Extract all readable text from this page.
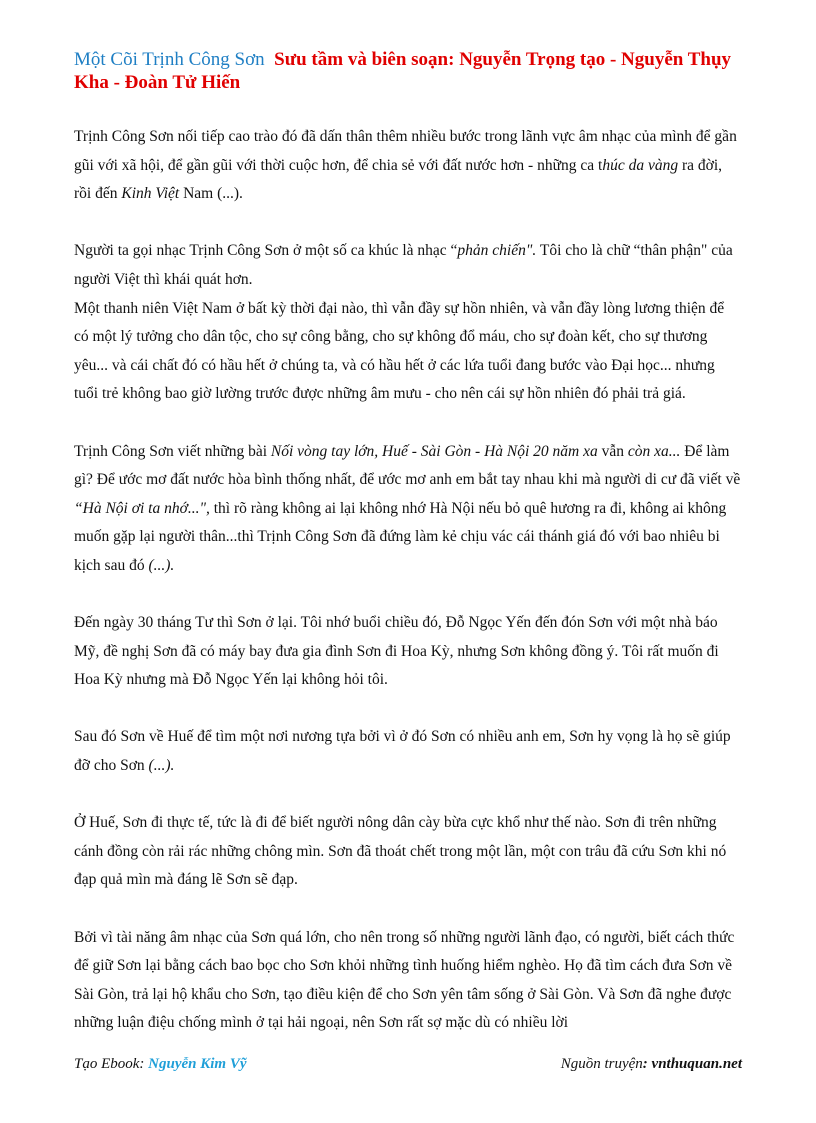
Một Cõi Trịnh Công Sơn Sưu tầm và biên soạn: Nguyễn Trọng tạo - Nguyễn Thụy Kha - Đoàn Tử Hiến

Trịnh Công Sơn nối tiếp cao trào đó đã dấn thân thêm nhiều bước trong lãnh vực âm nhạc của mình để gần gũi với xã hội, để gần gũi với thời cuộc hơn, để chia sẻ với đất nước hơn - những ca thúc da vàng ra đời, rồi đến Kinh Việt Nam (...).

Người ta gọi nhạc Trịnh Công Sơn ở một số ca khúc là nhạc “phản chiến". Tôi cho là chữ “thân phận" của người Việt thì khái quát hơn.

Một thanh niên Việt Nam ở bất kỳ thời đại nào, thì vẫn đầy sự hồn nhiên, và vẫn đầy lòng lương thiện để có một lý tưởng cho dân tộc, cho sự công bằng, cho sự không đổ máu, cho sự đoàn kết, cho sự thương yêu... và cái chất đó có hầu hết ở chúng ta, và có hầu hết ở các lứa tuổi đang bước vào Đại học... nhưng tuổi trẻ không bao giờ lường trước được những âm mưu - cho nên cái sự hồn nhiên đó phải trả giá.

Trịnh Công Sơn viết những bài Nối vòng tay lớn, Huế - Sài Gòn - Hà Nội 20 năm xa vẫn còn xa... Để làm gì? Để ước mơ đất nước hòa bình thống nhất, để ước mơ anh em bắt tay nhau khi mà người di cư đã viết về “Hà Nội ơi ta nhớ...", thì rõ ràng không ai lại không nhớ Hà Nội nếu bỏ quê hương ra đi, không ai không muốn gặp lại người thân...thì Trịnh Công Sơn đã đứng làm kẻ chịu vác cái thánh giá đó với bao nhiêu bi kịch sau đó (...).

Đến ngày 30 tháng Tư thì Sơn ở lại. Tôi nhớ buổi chiều đó, Đỗ Ngọc Yến đến đón Sơn với một nhà báo Mỹ, đề nghị Sơn đã có máy bay đưa gia đình Sơn đi Hoa Kỳ, nhưng Sơn không đồng ý. Tôi rất muốn đi Hoa Kỳ nhưng mà Đỗ Ngọc Yến lại không hỏi tôi.

Sau đó Sơn về Huế để tìm một nơi nương tựa bởi vì ở đó Sơn có nhiều anh em, Sơn hy vọng là họ sẽ giúp đỡ cho Sơn (...).

Ở Huế, Sơn đi thực tế, tức là đi để biết người nông dân cày bừa cực khổ như thế nào. Sơn đi trên những cánh đồng còn rải rác những chông mìn. Sơn đã thoát chết trong một lần, một con trâu đã cứu Sơn khi nó đạp quả mìn mà đáng lẽ Sơn sẽ đạp.

Bởi vì tài năng âm nhạc của Sơn quá lớn, cho nên trong số những người lãnh đạo, có người, biết cách thức để giữ Sơn lại bằng cách bao bọc cho Sơn khỏi những tình huống hiểm nghèo. Họ đã tìm cách đưa Sơn về Sài Gòn, trả lại hộ khẩu cho Sơn, tạo điều kiện để cho Sơn yên tâm sống ở Sài Gòn. Và Sơn đã nghe được những luận điệu chống mình ở tại hải ngoại, nên Sơn rất sợ mặc dù có nhiều lời

Tạo Ebook: Nguyễn Kim Vỹ	Nguồn truyện: vnthuquan.net
